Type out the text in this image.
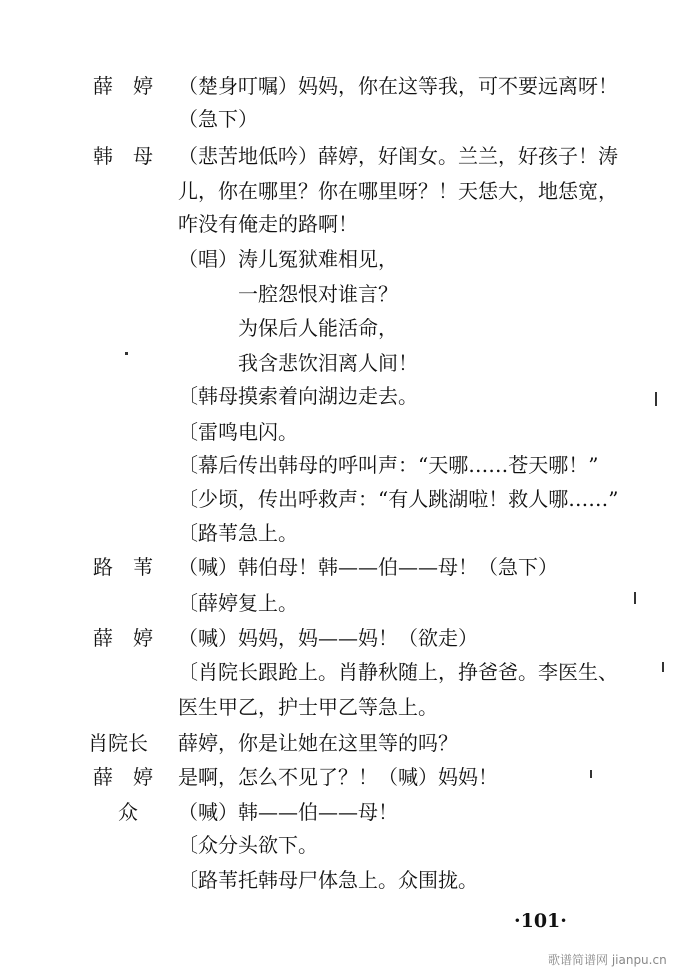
薛　婷
韩　母
路　苇
薛　婷
肖院长
薛　婷
众
（楚身叮嘱）妈妈，你在这等我，可不要远离呀！
（急下）
（悲苦地低吟）薛婷，好闺女。兰兰，好孩子！涛
儿，你在哪里？你在哪里呀？！天恁大，地恁宽，
咋没有俺走的路啊！
（唱）涛儿冤狱难相见，
一腔怨恨对谁言？
为保后人能活命，
我含悲饮泪离人间！
〔韩母摸索着向湖边走去。
〔雷鸣电闪。
〔幕后传出韩母的呼叫声：“天哪……苍天哪！”
〔少顷，传出呼救声：“有人跳湖啦！救人哪……”
〔路苇急上。
（喊）韩伯母！韩——伯——母！（急下）
〔薛婷复上。
（喊）妈妈，妈——妈！（欲走）
〔肖院长跟跄上。肖静秋随上，挣爸爸。李医生、
医生甲乙，护士甲乙等急上。
薛婷，你是让她在这里等的吗？
是啊，怎么不见了？！（喊）妈妈！
（喊）韩——伯——母！
〔众分头欲下。
〔路苇托韩母尸体急上。众围拢。
·101·
歌谱简谱网 jianpu.cn
